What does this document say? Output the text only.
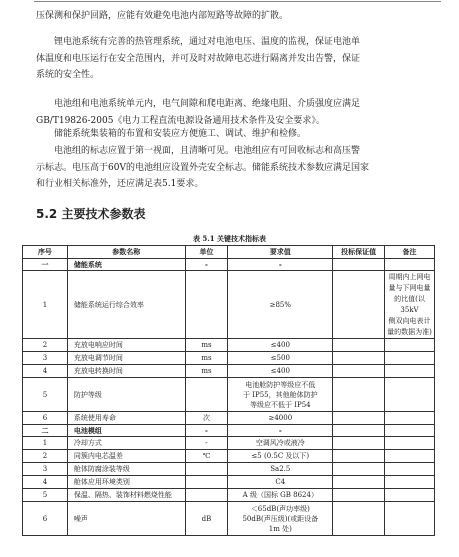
压保测和保护回路，应能有效避免电池内部短路等故障的扩散。
锂电池系统有完善的热管理系统，通过对电池电压、温度的监视，保证电池单
体温度和电压运行在安全范围内，并可及时对故障电芯进行隔离并发出告警，保证
系统的安全性。
电池组和电池系统单元内，电气间隙和爬电距离、绝缘电阻、介质强度应满足
GB/T19826-2005《电力工程直流电源设备通用技术条件及安全要求》。
储能系统集装箱的布置和安装应方便施工、调试、维护和检修。
电池组的标志应置于第一视面，且清晰可见。电池组应有可回收标志和高压警
示标志。电压高于60V的电池组应设置外壳安全标志。储能系统技术参数应满足国家
和行业相关标准外，还应满足表5.1要求。
5.2 主要技术参数表

表 5.1 关键技术指标表

序号	参数名称	单位	要求值	投标保证值	备注
一	储能系统	-	-		
1	储能系统运行综合效率		≥85%		周期内上网电
量与下网电量
的比值(以35kV
侧双向电表计
量的数据为准)

2	充放电响应时间	ms	≤400		
3	充放电调节时间	ms	≤500		
4	充放电转换时间	ms	≤400		
5	防护等级		电池舱防护等级应不低
于 IP55，其他舱体防护
等级应不低于 IP54		

6	系统使用寿命	次	≥4000		
二	电池模组	-	-		
1	冷却方式	-	空调风冷或液冷		
2	同簇内电芯温差	℃	≤5 (0.5C 及以下)		
3	舱体防腐涂装等级		Sa2.5		
4	舱体应用环境类别		C4		
5	保温、隔热、装饰材料燃烧性能		A 级（国标 GB 8624）		
6	噪声	dB	＜65dB(声功率级)
50dB(声压级)(或距设备
1m 处)		
